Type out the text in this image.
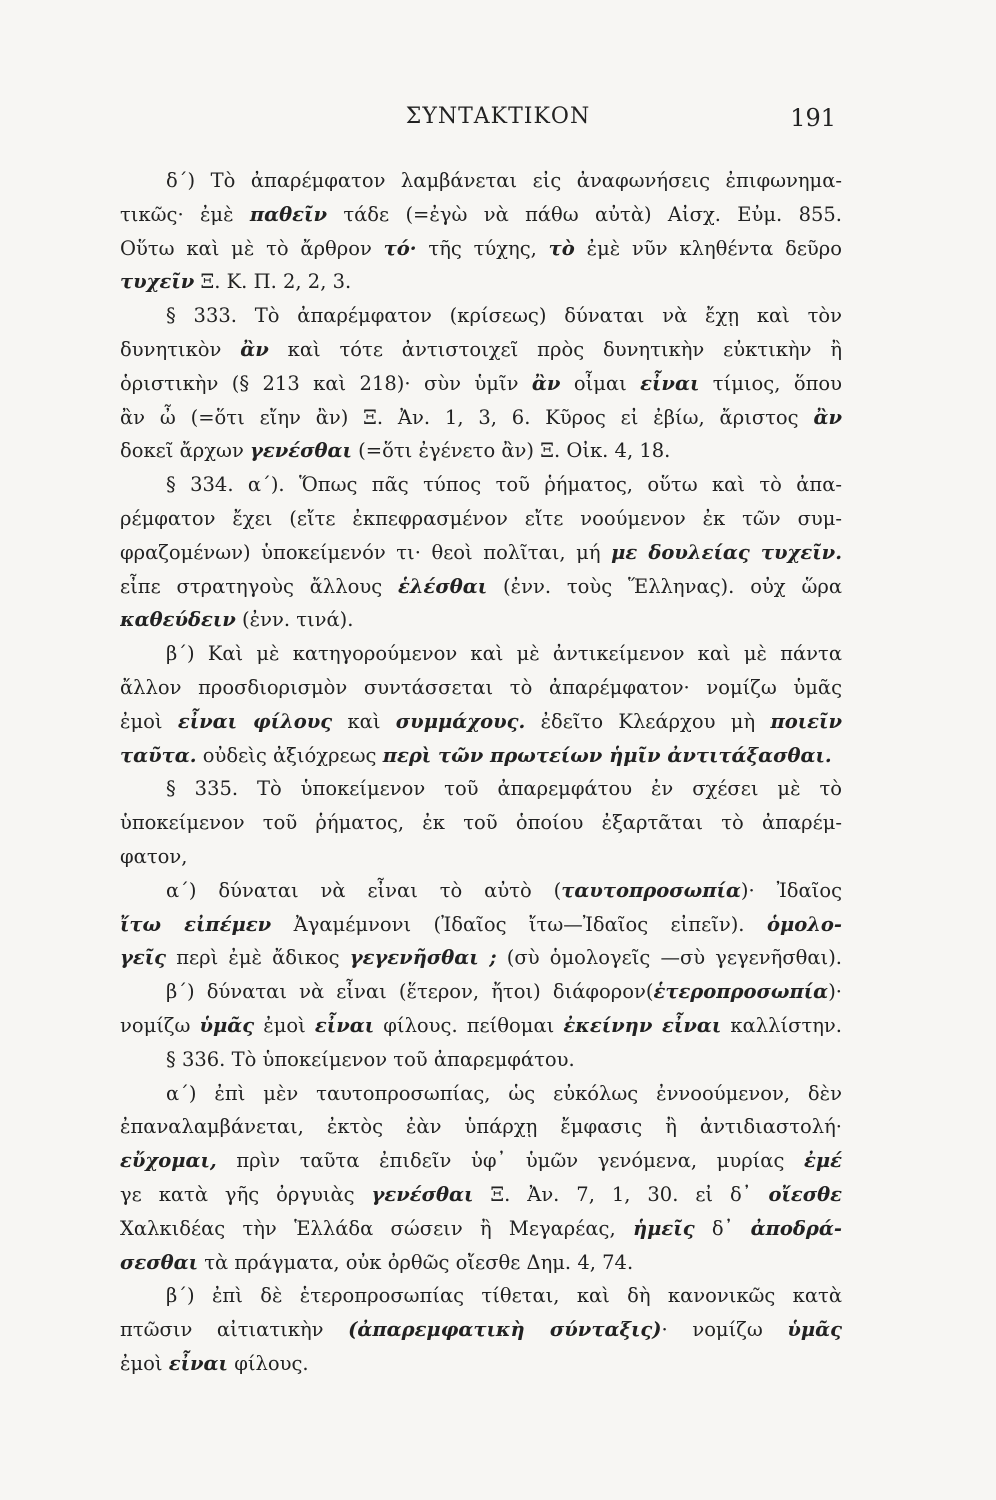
ΣΥΝΤΑΚΤΙΚΟΝ	191
δ΄) Τὸ ἀπαρέμφατον λαμβάνεται εἰς ἀναφωνήσεις ἐπιφωνημα-
τικῶς· ἐμὲ παθεῖν τάδε (=ἐγὼ νὰ πάθω αὐτὰ) Αἰσχ. Εὐμ. 855.
Οὕτω καὶ μὲ τὸ ἄρθρον τό· τῆς τύχης, τὸ ἐμὲ νῦν κληθέντα δεῦρο
τυχεῖν Ξ. Κ. Π. 2, 2, 3.
§ 333. Τὸ ἀπαρέμφατον (κρίσεως) δύναται νὰ ἔχῃ καὶ τὸν
δυνητικὸν ἂν καὶ τότε ἀντιστοιχεῖ πρὸς δυνητικὴν εὐκτικὴν ἢ
ὁριστικὴν (§ 213 καὶ 218)· σὺν ὑμῖν ἂν οἶμαι εἶναι τίμιος, ὅπου
ἂν ὦ (=ὅτι εἴην ἂν) Ξ. Ἀν. 1, 3, 6. Κῦρος εἰ ἐβίω, ἄριστος ἂν
δοκεῖ ἄρχων γενέσθαι (=ὅτι ἐγένετο ἂν) Ξ. Οἰκ. 4, 18.
§ 334. α΄). Ὅπως πᾶς τύπος τοῦ ῥήματος, οὕτω καὶ τὸ ἀπα-
ρέμφατον ἔχει (εἴτε ἐκπεφρασμένον εἴτε νοούμενον ἐκ τῶν συμ-
φραζομένων) ὑποκείμενόν τι· θεοὶ πολῖται, μή με δουλείας τυχεῖν.
εἶπε στρατηγοὺς ἄλλους ἑλέσθαι (ἐνν. τοὺς Ἕλληνας). οὐχ ὥρα
καθεύδειν (ἐνν. τινά).
β΄) Καὶ μὲ κατηγορούμενον καὶ μὲ ἀντικείμενον καὶ μὲ πάντα
ἄλλον προσδιορισμὸν συντάσσεται τὸ ἀπαρέμφατον· νομίζω ὑμᾶς
ἐμοὶ εἶναι φίλους καὶ συμμάχους. ἐδεῖτο Κλεάρχου μὴ ποιεῖν
ταῦτα. οὐδεὶς ἀξιόχρεως περὶ τῶν πρωτείων ἡμῖν ἀντιτάξασθαι.
§ 335. Τὸ ὑποκείμενον τοῦ ἀπαρεμφάτου ἐν σχέσει μὲ τὸ
ὑποκείμενον τοῦ ῥήματος, ἐκ τοῦ ὁποίου ἐξαρτᾶται τὸ ἀπαρέμ-
φατον,
α΄) δύναται νὰ εἶναι τὸ αὐτὸ (ταυτοπροσωπία)· Ἰδαῖος
ἴτω εἰπέμεν Ἀγαμέμνονι (Ἰδαῖος ἴτω—Ἰδαῖος εἰπεῖν). ὁμολο-
γεῖς περὶ ἐμὲ ἄδικος γεγενῆσθαι ; (σὺ ὁμολογεῖς —σὺ γεγενῆσθαι).
β΄) δύναται νὰ εἶναι (ἕτερον, ἤτοι) διάφορον(ἑτεροπροσωπία)·
νομίζω ὑμᾶς ἐμοὶ εἶναι φίλους. πείθομαι ἐκείνην εἶναι καλλίστην.
§ 336. Τὸ ὑποκείμενον τοῦ ἀπαρεμφάτου.
α΄) ἐπὶ μὲν ταυτοπροσωπίας, ὡς εὐκόλως ἐννοούμενον, δὲν
ἐπαναλαμβάνεται, ἐκτὸς ἐὰν ὑπάρχῃ ἔμφασις ἢ ἀντιδιαστολή·
εὔχομαι, πρὶν ταῦτα ἐπιδεῖν ὑφ᾽ ὑμῶν γενόμενα, μυρίας ἐμέ
γε κατὰ γῆς ὀργυιὰς γενέσθαι Ξ. Ἀν. 7, 1, 30. εἰ δ᾽ οἴεσθε
Χαλκιδέας τὴν Ἑλλάδα σώσειν ἢ Μεγαρέας, ἡμεῖς δ᾽ ἀποδρά-
σεσθαι τὰ πράγματα, οὐκ ὀρθῶς οἴεσθε Δημ. 4, 74.
β΄) ἐπὶ δὲ ἑτεροπροσωπίας τίθεται, καὶ δὴ κανονικῶς κατὰ
πτῶσιν αἰτιατικὴν (ἀπαρεμφατικὴ σύνταξις)· νομίζω ὑμᾶς
ἐμοὶ εἶναι φίλους.
